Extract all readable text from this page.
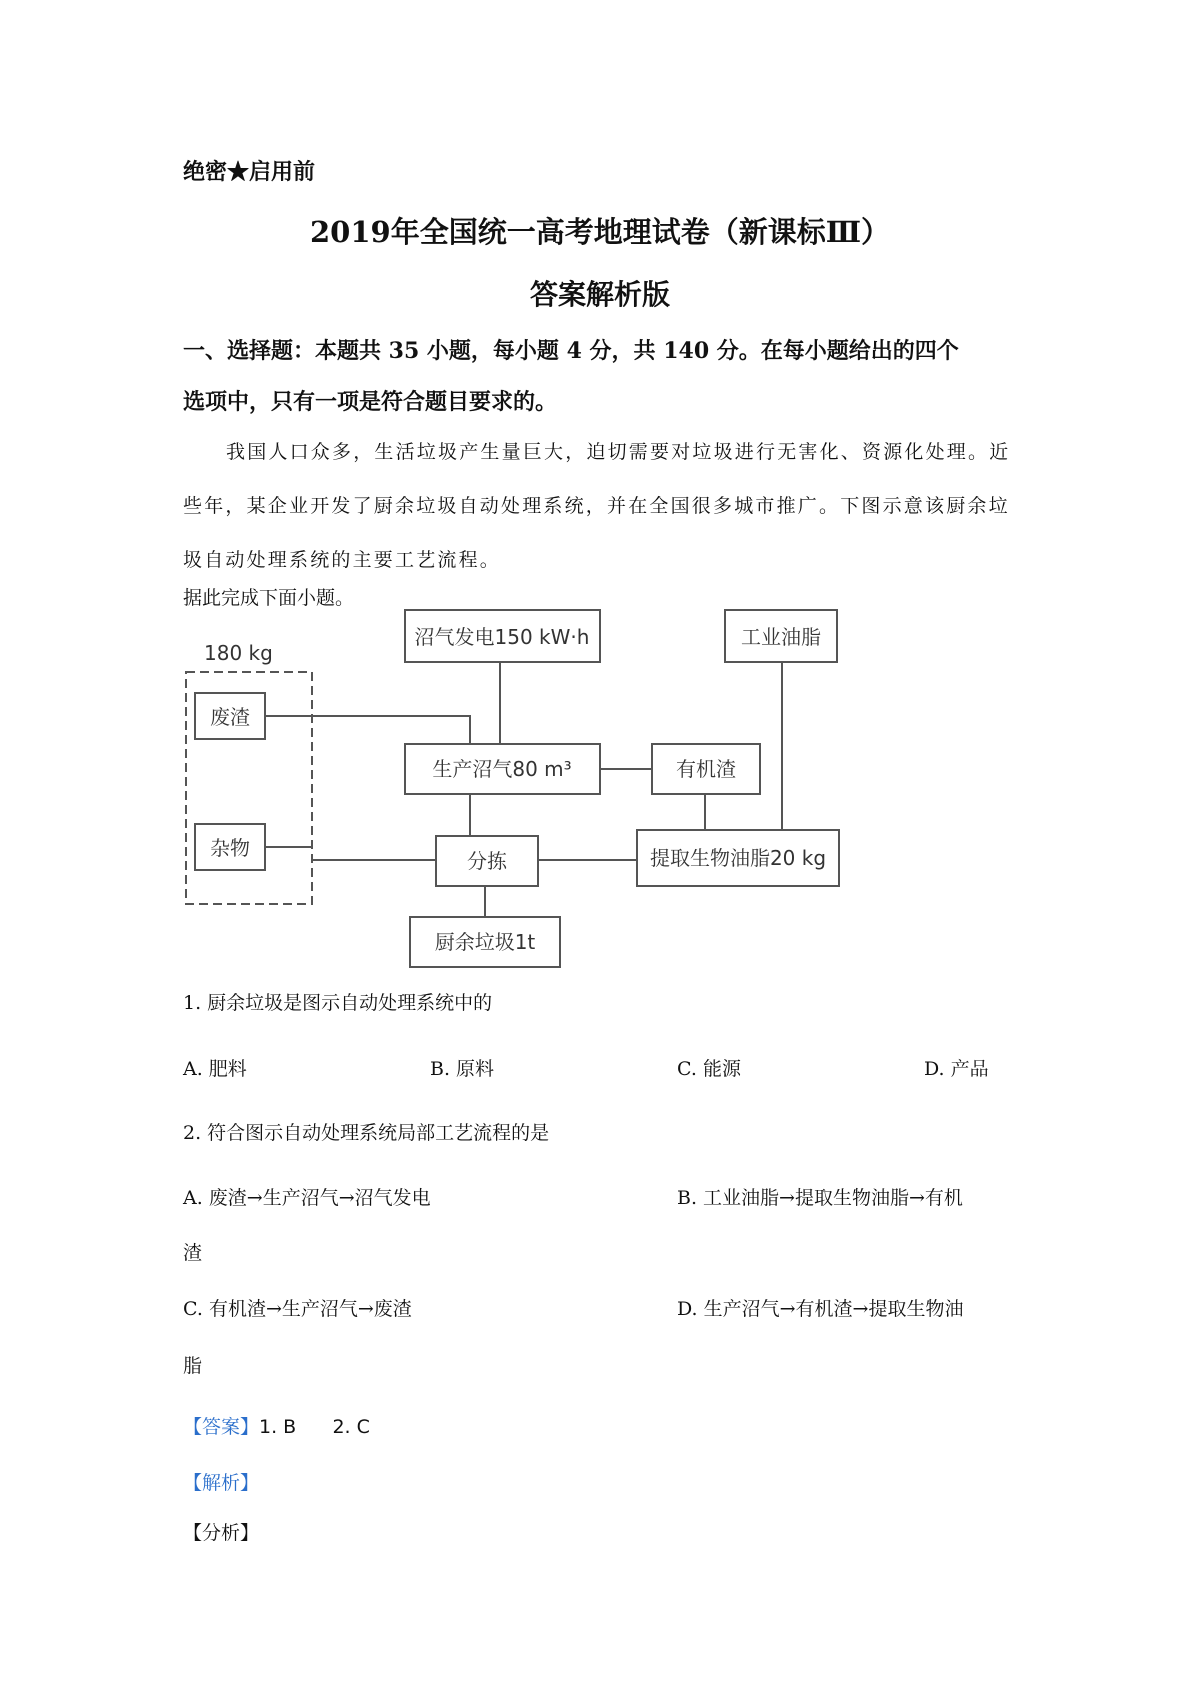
绝密★启用前
2019年全国统一高考地理试卷（新课标Ⅲ）
答案解析版
一、选择题：本题共 35 小题，每小题 4 分，共 140 分。在每小题给出的四个
选项中，只有一项是符合题目要求的。
我国人口众多，生活垃圾产生量巨大，迫切需要对垃圾进行无害化、资源化处理。近
些年，某企业开发了厨余垃圾自动处理系统，并在全国很多城市推广。下图示意该厨余垃
圾自动处理系统的主要工艺流程。
据此完成下面小题。
180 kg
废渣
杂物
沼气发电150 kW·h	工业油脂
生产沼气80 m³	有机渣
分拣	提取生物油脂20 kg
厨余垃圾1t
1. 厨余垃圾是图示自动处理系统中的
A. 肥料	B. 原料	C. 能源	D. 产品
2. 符合图示自动处理系统局部工艺流程的是
A. 废渣→生产沼气→沼气发电	B. 工业油脂→提取生物油脂→有机
渣
C. 有机渣→生产沼气→废渣	D. 生产沼气→有机渣→提取生物油
脂
【答案】1. B      2. C
【解析】
【分析】
